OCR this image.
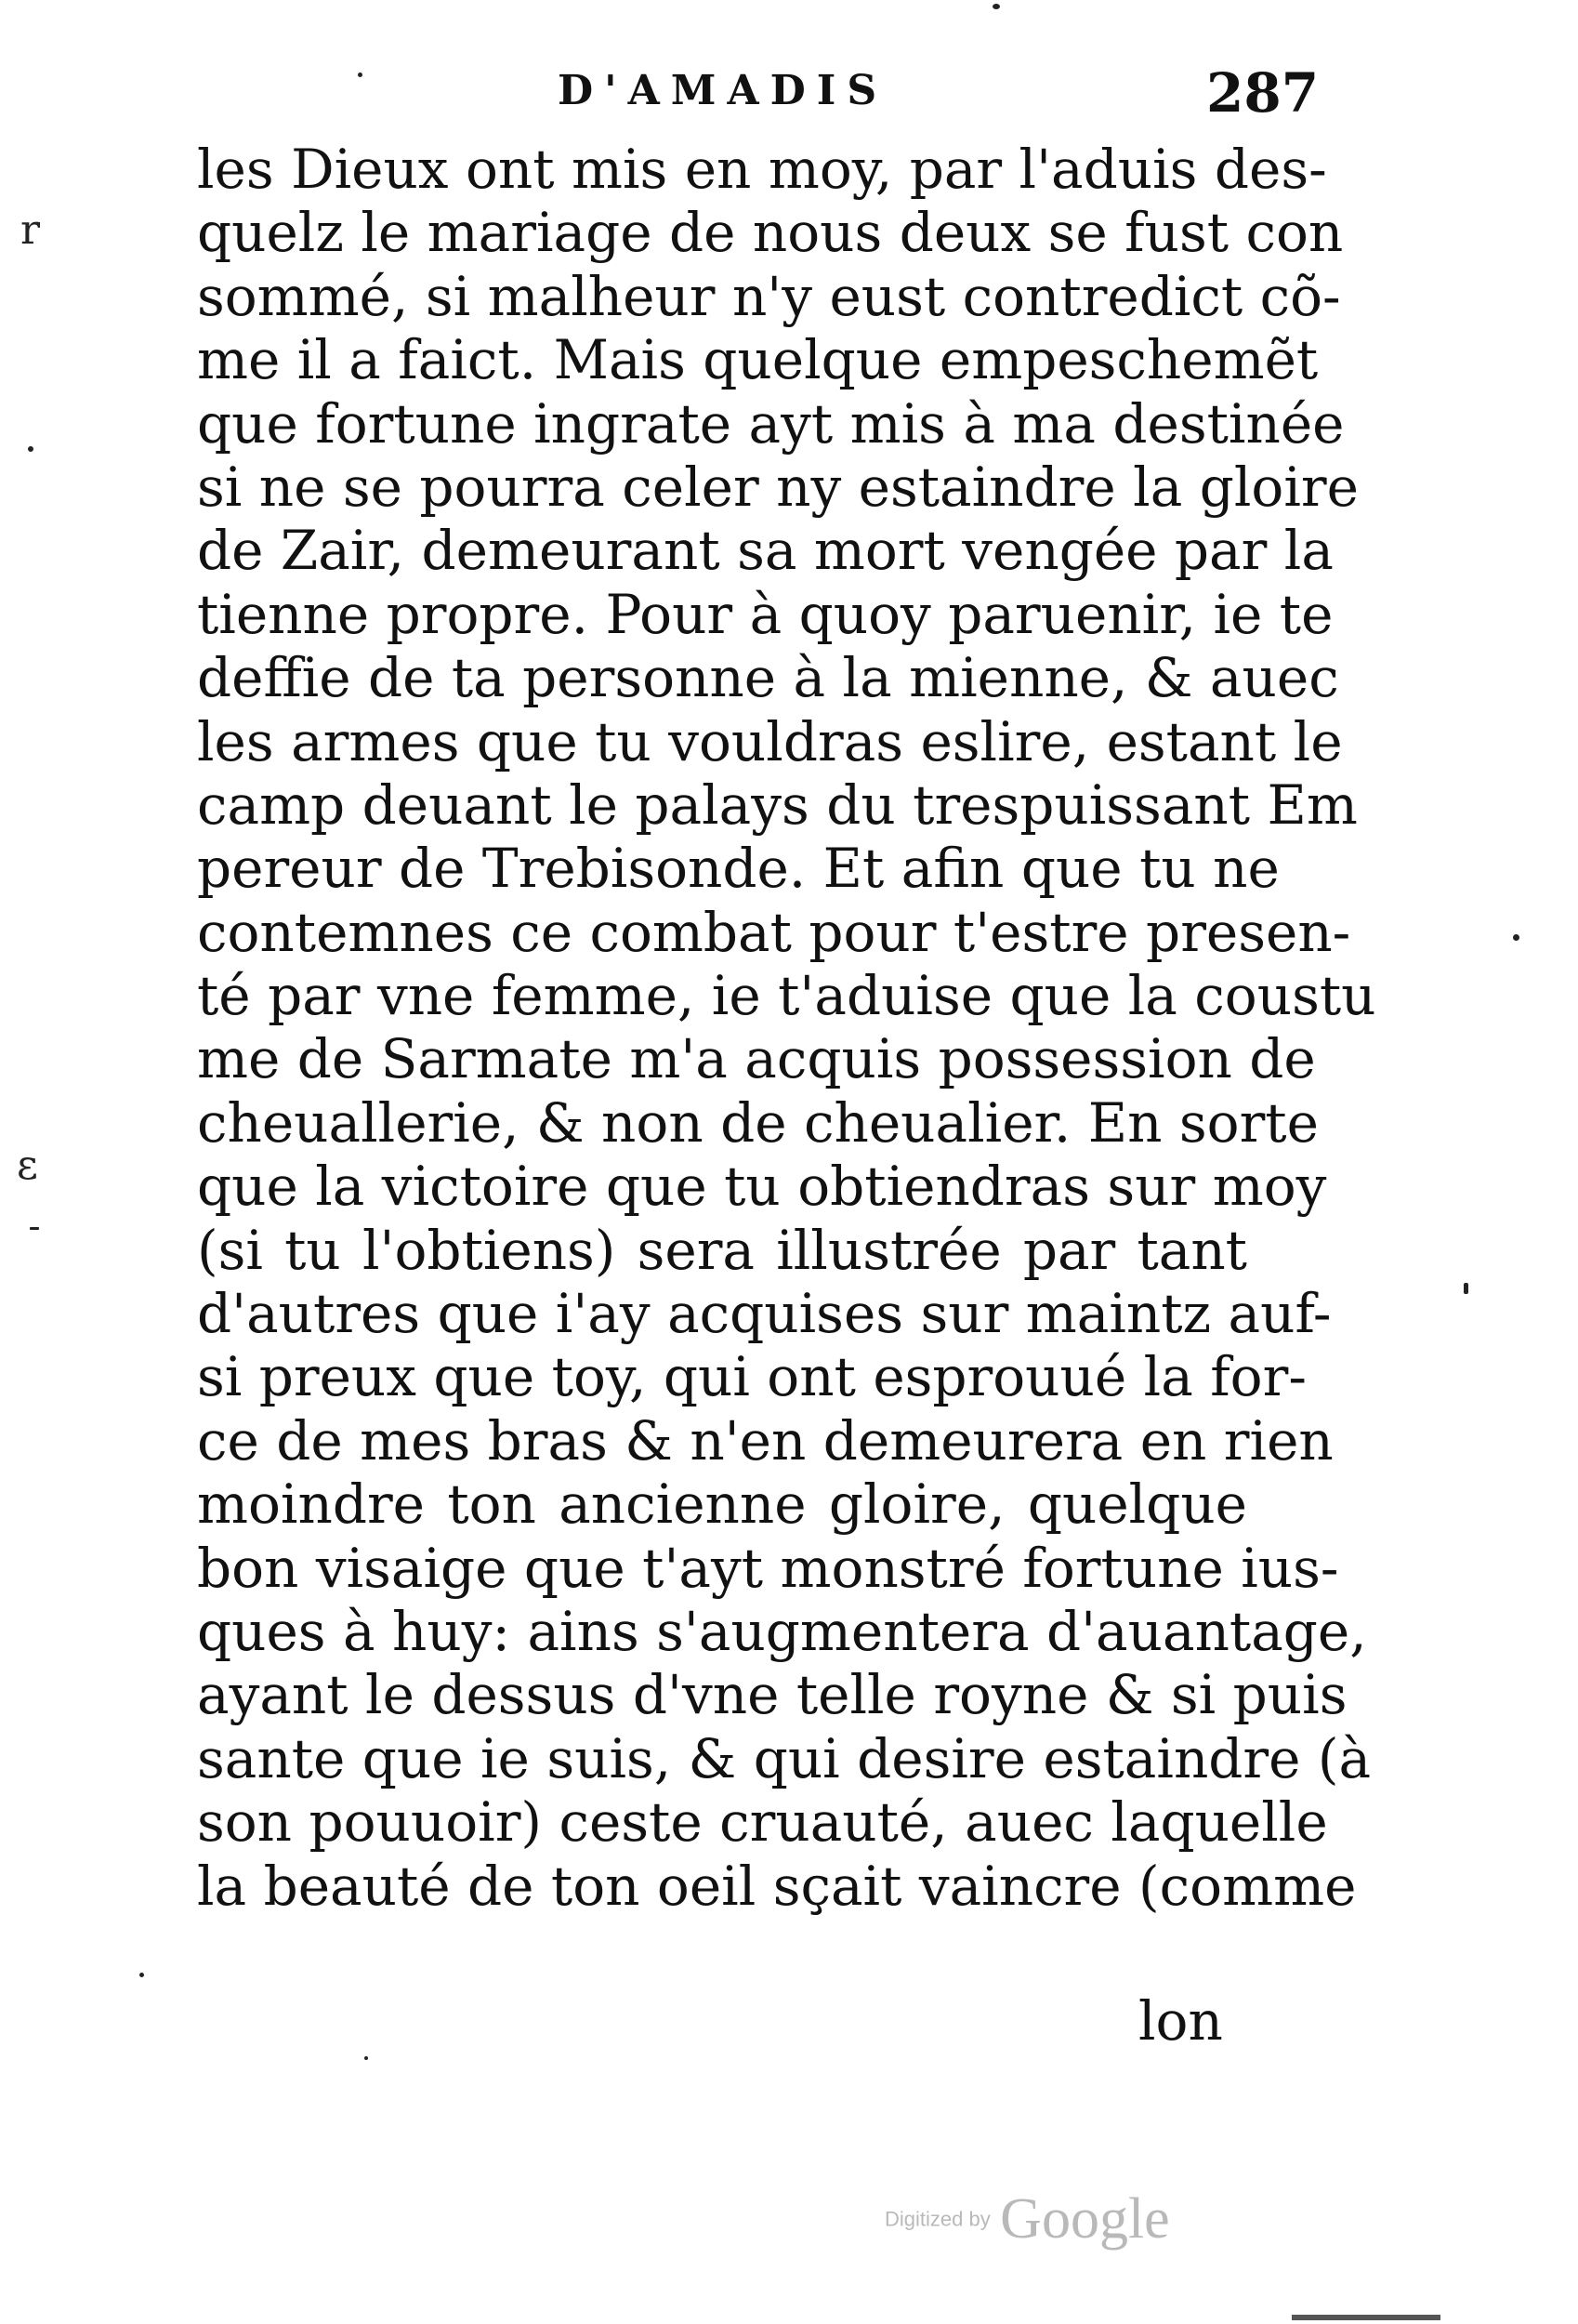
D'AMADIS	287
les Dieux ont mis en moy, par l'aduis des-
quelz le mariage de nous deux se fust con
sommé, si malheur n'y eust contredict cõ-
me il a faict. Mais quelque empeschemẽt
que fortune ingrate ayt mis à ma destinée
si ne se pourra celer ny estaindre la gloire
de Zair, demeurant sa mort vengée par la
tienne propre. Pour à quoy paruenir, ie te
deffie de ta personne à la mienne, & auec
les armes que tu vouldras eslire, estant le
camp deuant le palays du trespuissant Em
pereur de Trebisonde. Et afin que tu ne
contemnes ce combat pour t'estre presen-
té par vne femme, ie t'aduise que la coustu
me de Sarmate m'a acquis possession de
cheuallerie, & non de cheualier. En sorte
que la victoire que tu obtiendras sur moy
(si tu l'obtiens) sera illustrée par tant
d'autres que i'ay acquises sur maintz auf-
si preux que toy, qui ont esprouué la for-
ce de mes bras & n'en demeurera en rien
moindre ton ancienne gloire, quelque
bon visaige que t'ayt monstré fortune ius-
ques à huy: ains s'augmentera d'auantage,
ayant le dessus d'vne telle royne & si puis
sante que ie suis, & qui desire estaindre (à
son pouuoir) ceste cruauté, auec laquelle
la beauté de ton oeil sçait vaincre (comme
lon
r
ɛ
Digitized by Google
